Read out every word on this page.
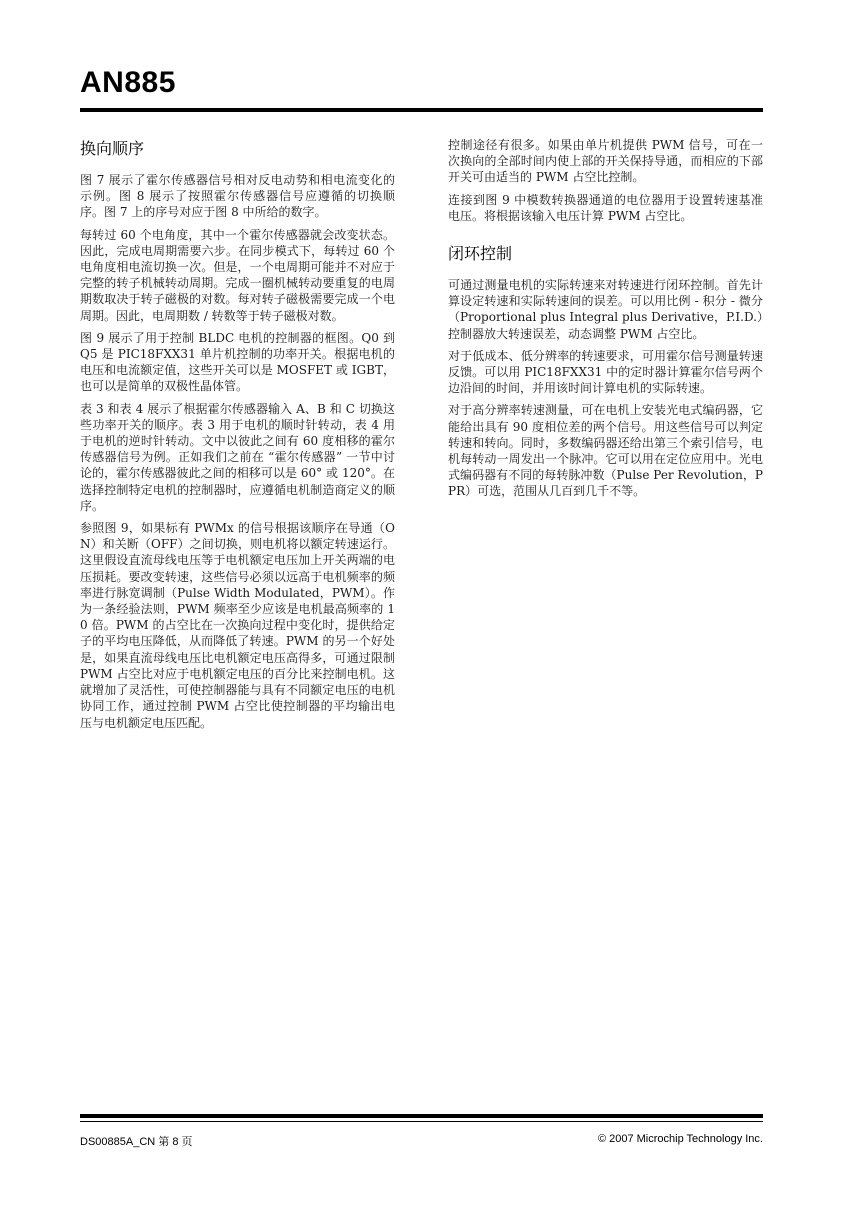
AN885
换向顺序

图 7 展示了霍尔传感器信号相对反电动势和相电流变化的示例。图 8 展示了按照霍尔传感器信号应遵循的切换顺序。图 7 上的序号对应于图 8 中所给的数字。

每转过 60 个电角度，其中一个霍尔传感器就会改变状态。因此，完成电周期需要六步。在同步模式下，每转过 60 个电角度相电流切换一次。但是，一个电周期可能并不对应于完整的转子机械转动周期。完成一圈机械转动要重复的电周期数取决于转子磁极的对数。每对转子磁极需要完成一个电周期。因此，电周期数 / 转数等于转子磁极对数。

图 9 展示了用于控制 BLDC 电机的控制器的框图。Q0 到 Q5 是 PIC18FXX31 单片机控制的功率开关。根据电机的电压和电流额定值，这些开关可以是 MOSFET 或 IGBT，也可以是简单的双极性晶体管。

表 3 和表 4 展示了根据霍尔传感器输入 A、B 和 C 切换这些功率开关的顺序。表 3 用于电机的顺时针转动，表 4 用于电机的逆时针转动。文中以彼此之间有 60 度相移的霍尔传感器信号为例。正如我们之前在 “霍尔传感器” 一节中讨论的，霍尔传感器彼此之间的相移可以是 60° 或 120°。在选择控制特定电机的控制器时，应遵循电机制造商定义的顺序。

参照图 9，如果标有 PWMx 的信号根据该顺序在导通（ON）和关断（OFF）之间切换，则电机将以额定转速运行。这里假设直流母线电压等于电机额定电压加上开关两端的电压损耗。要改变转速，这些信号必须以远高于电机频率的频率进行脉宽调制（Pulse Width Modulated，PWM）。作为一条经验法则，PWM 频率至少应该是电机最高频率的 10 倍。PWM 的占空比在一次换向过程中变化时，提供给定子的平均电压降低，从而降低了转速。PWM 的另一个好处是，如果直流母线电压比电机额定电压高得多，可通过限制 PWM 占空比对应于电机额定电压的百分比来控制电机。这就增加了灵活性，可使控制器能与具有不同额定电压的电机协同工作，通过控制 PWM 占空比使控制器的平均输出电压与电机额定电压匹配。

控制途径有很多。如果由单片机提供 PWM 信号，可在一次换向的全部时间内使上部的开关保持导通，而相应的下部开关可由适当的 PWM 占空比控制。

连接到图 9 中模数转换器通道的电位器用于设置转速基准电压。将根据该输入电压计算 PWM 占空比。

闭环控制

可通过测量电机的实际转速来对转速进行闭环控制。首先计算设定转速和实际转速间的误差。可以用比例 - 积分 - 微分（Proportional plus Integral plus Derivative，P.I.D.）控制器放大转速误差，动态调整 PWM 占空比。

对于低成本、低分辨率的转速要求，可用霍尔信号测量转速反馈。可以用 PIC18FXX31 中的定时器计算霍尔信号两个边沿间的时间，并用该时间计算电机的实际转速。

对于高分辨率转速测量，可在电机上安装光电式编码器，它能给出具有 90 度相位差的两个信号。用这些信号可以判定转速和转向。同时，多数编码器还给出第三个索引信号，电机每转动一周发出一个脉冲。它可以用在定位应用中。光电式编码器有不同的每转脉冲数（Pulse Per Revolution，PPR）可选，范围从几百到几千不等。

DS00885A_CN 第 8 页	© 2007 Microchip Technology Inc.
